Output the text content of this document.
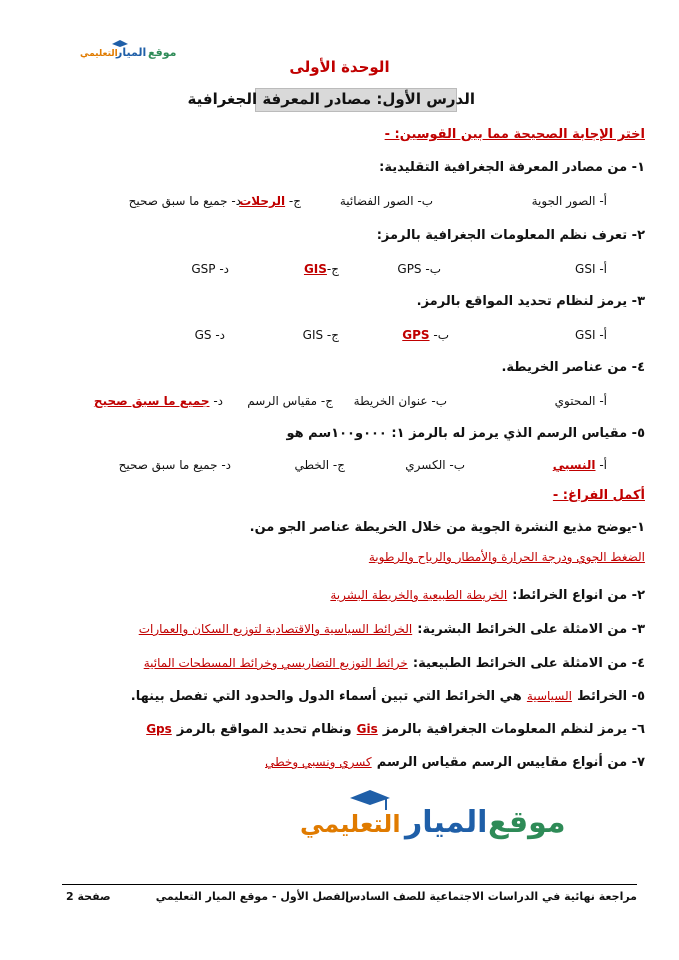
موقع
الميار
التعليمي
الوحدة الأولى
الدرس الأول: مصادر المعرفة الجغرافية
اختر الإجابة الصحيحة مما بين القوسين: -
١- من مصادر المعرفة الجغرافية التقليدية:
أ- الصور الجوية
ب- الصور الفضائية
ج- الرحلات
د- جميع ما سبق صحيح
٢- تعرف نظم المعلومات الجغرافية بالرمز:
أ- GSI
ب- GPS
ج-GIS
د- GSP
٣- يرمز لنظام تحديد المواقع بالرمز.
أ- GSI
ب- GPS
ج- GIS
د- GS
٤- من عناصر الخريطة.
أ- المحتوي
ب- عنوان الخريطة
ج- مقياس الرسم
د- جميع ما سبق صحيح
٥- مقياس الرسم الذي يرمز له بالرمز ١: ٠٠٠و١٠٠سم هو
أ- النسبي
ب- الكسري
ج- الخطي
د- جميع ما سبق صحيح
أكمل الفراغ: -
١-يوضح مذيع النشرة الجوية من خلال الخريطة عناصر الجو من.
الضغط الجوي ودرجة الحرارة والأمطار والرياح والرطوبة
٢- من انواع الخرائط: الخريطة الطبيعية والخريطة البشرية
٣- من الامثلة على الخرائط البشرية: الخرائط السياسية والاقتصادية لتوزيع السكان والعمارات
٤- من الامثلة على الخرائط الطبيعية: خرائط التوزيع التضاريسي وخرائط المسطحات المائية
٥- الخرائط السياسية هي الخرائط التي تبين أسماء الدول والحدود التي تفصل بينها.
٦- يرمز لنظم المعلومات الجغرافية بالرمز Gis ونظام تحديد المواقع بالرمز Gps
٧- من أنواع مقاييس الرسم مقياس الرسم كسري ونسبي وخطي
موقع
الميار
التعليمي
مراجعة نهائية في الدراسات الاجتماعية للصف السادس
الفصل الأول - موقع الميار التعليمي
صفحة 2
